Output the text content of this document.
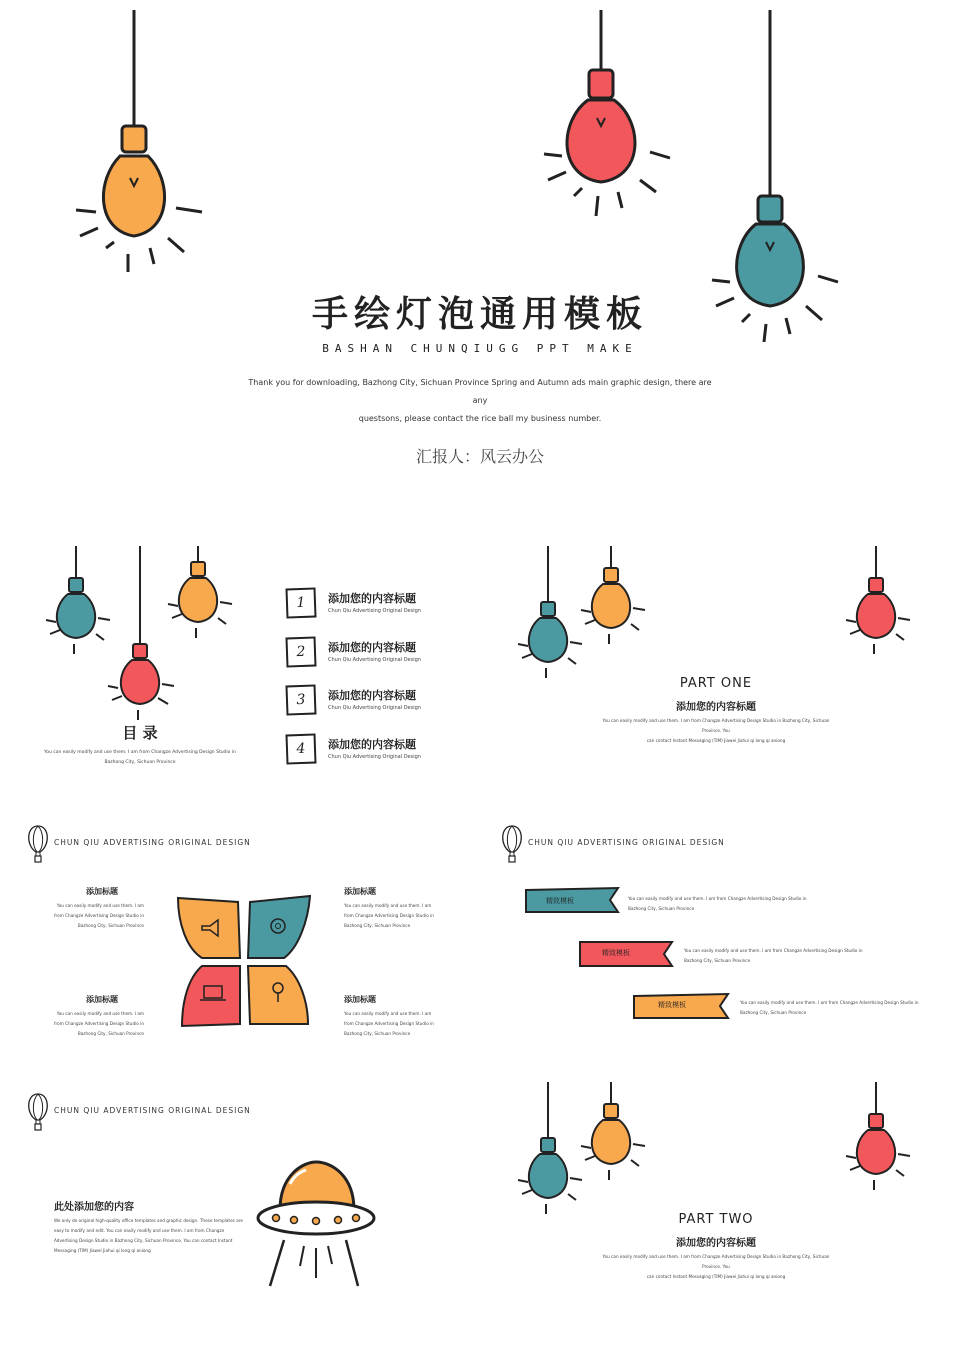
手绘灯泡通用模板
BASHAN CHUNQIUGG PPT MAKE
Thank you for downloading, Bazhong City, Sichuan Province Spring and Autumn ads main graphic design, there are any
questsons, please contact the rice ball my business number.
汇报人：风云办公
目 录
You can easily modify and use them. I am from Changze Advertising Design Studio in
Bazhong City, Sichuan Province
1	添加您的内容标题
Chun Qiu Advertising Original Design
2	添加您的内容标题
Chun Qiu Advertising Original Design
3	添加您的内容标题
Chun Qiu Advertising Original Design
4	添加您的内容标题
Chun Qiu Advertising Original Design
PART ONE
添加您的内容标题
You can easily modify and use them. I am from Changze Advertising Design Studio in Bazhong City, Sichuan Province. You
can contact Instant Messaging (TIM) Jiawei Jiahui qi long qi aniong
CHUN QIU ADVERTISING ORIGINAL DESIGN
添加标题
You can easily modify and use them. I am
from Changze Advertising Design Studio in
Bazhong City, Sichuan Province
添加标题
You can easily modify and use them. I am
from Changze Advertising Design Studio in
Bazhong City, Sichuan Province
添加标题
You can easily modify and use them. I am
from Changze Advertising Design Studio in
Bazhong City, Sichuan Province
添加标题
You can easily modify and use them. I am
from Changze Advertising Design Studio in
Bazhong City, Sichuan Province
CHUN QIU ADVERTISING ORIGINAL DESIGN
精致模板
精致模板
精致模板
You can easily modify and use them. I am from Changze Advertising Design Studio in
Bazhong City, Sichuan Province
You can easily modify and use them. I am from Changze Advertising Design Studio in
Bazhong City, Sichuan Province
You can easily modify and use them. I am from Changze Advertising Design Studio in
Bazhong City, Sichuan Province
CHUN QIU ADVERTISING ORIGINAL DESIGN
此处添加您的内容
We only do original high-quality office templates and graphic design. These templates are
easy to modify and edit. You can easily modify and use them. I am from Changze
Advertising Design Studio in Bazhong City, Sichuan Province. You can contact Instant
Messaging (TIM) Jiawei Jiahui qi long qi aniong
PART TWO
添加您的内容标题
You can easily modify and use them. I am from Changze Advertising Design Studio in Bazhong City, Sichuan Province. You
can contact Instant Messaging (TIM) Jiawei Jiahui qi long qi aniong
